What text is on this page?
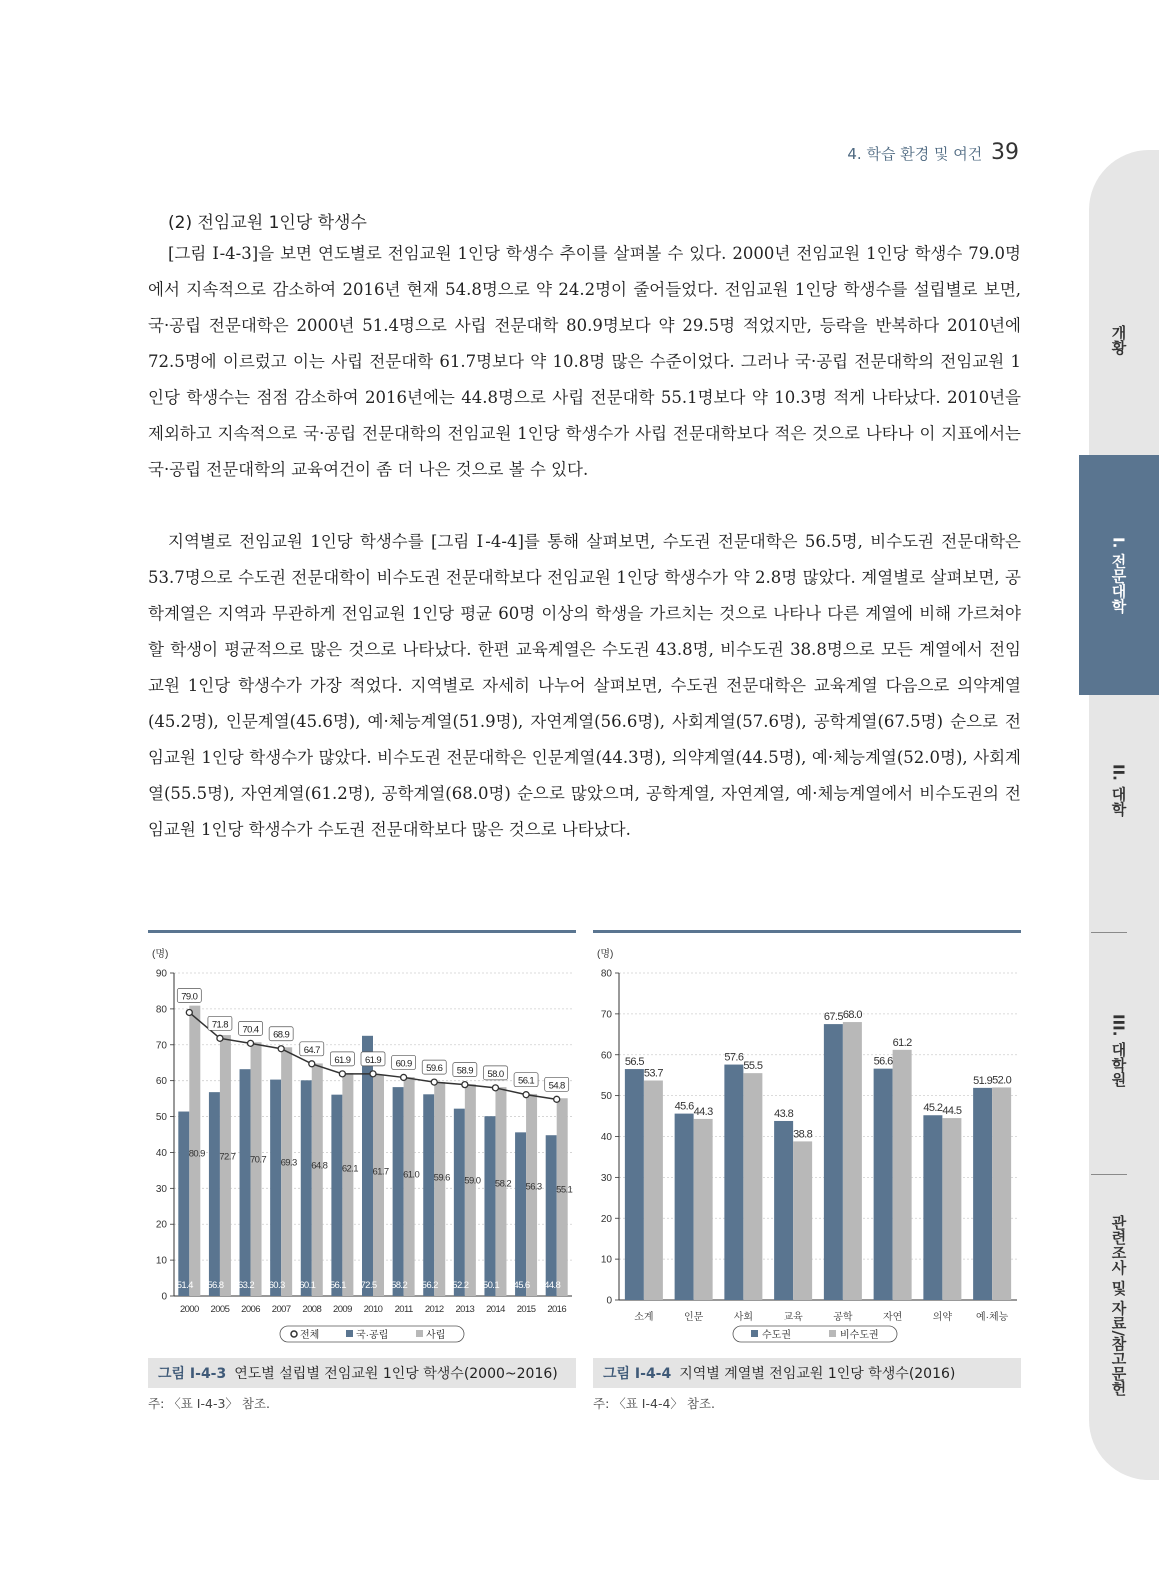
4. 학습 환경 및 여건 39
개황
I. 전문대학
II. 대학
III. 대학원
관련조사 및 자료/참고문헌
(2) 전임교원 1인당 학생수

[그림 Ⅰ-4-3]을 보면 연도별로 전임교원 1인당 학생수 추이를 살펴볼 수 있다. 2000년 전임교원 1인당 학생수 79.0명에서 지속적으로 감소하여 2016년 현재 54.8명으로 약 24.2명이 줄어들었다. 전임교원 1인당 학생수를 설립별로 보면, 국·공립 전문대학은 2000년 51.4명으로 사립 전문대학 80.9명보다 약 29.5명 적었지만, 등락을 반복하다 2010년에 72.5명에 이르렀고 이는 사립 전문대학 61.7명보다 약 10.8명 많은 수준이었다. 그러나 국·공립 전문대학의 전임교원 1인당 학생수는 점점 감소하여 2016년에는 44.8명으로 사립 전문대학 55.1명보다 약 10.3명 적게 나타났다. 2010년을 제외하고 지속적으로 국·공립 전문대학의 전임교원 1인당 학생수가 사립 전문대학보다 적은 것으로 나타나 이 지표에서는 국·공립 전문대학의 교육여건이 좀 더 나은 것으로 볼 수 있다.

지역별로 전임교원 1인당 학생수를 [그림 Ⅰ-4-4]를 통해 살펴보면, 수도권 전문대학은 56.5명, 비수도권 전문대학은 53.7명으로 수도권 전문대학이 비수도권 전문대학보다 전임교원 1인당 학생수가 약 2.8명 많았다. 계열별로 살펴보면, 공학계열은 지역과 무관하게 전임교원 1인당 평균 60명 이상의 학생을 가르치는 것으로 나타나 다른 계열에 비해 가르쳐야 할 학생이 평균적으로 많은 것으로 나타났다. 한편 교육계열은 수도권 43.8명, 비수도권 38.8명으로 모든 계열에서 전임교원 1인당 학생수가 가장 적었다. 지역별로 자세히 나누어 살펴보면, 수도권 전문대학은 교육계열 다음으로 의약계열(45.2명), 인문계열(45.6명), 예·체능계열(51.9명), 자연계열(56.6명), 사회계열(57.6명), 공학계열(67.5명) 순으로 전임교원 1인당 학생수가 많았다. 비수도권 전문대학은 인문계열(44.3명), 의약계열(44.5명), 예·체능계열(52.0명), 사회계열(55.5명), 자연계열(61.2명), 공학계열(68.0명) 순으로 많았으며, 공학계열, 자연계열, 예·체능계열에서 비수도권의 전임교원 1인당 학생수가 수도권 전문대학보다 많은 것으로 나타났다.

(명)
0
10
20
30
40
50
60
70
80
90
51.4
80.9
2000
56.8
72.7
2005
63.2
70.7
2006
60.3
69.3
2007
60.1
64.8
2008
56.1
62.1
2009
72.5
61.7
2010
58.2
61.0
2011
56.2
59.6
2012
52.2
59.0
2013
50.1
58.2
2014
45.6
56.3
2015
44.8
55.1
2016
79.0
71.8 70.4 68.9
64.7
61.9 61.9 60.9 59.6 58.9 58.0
56.1 54.8
전체	국·공립	사립
그림 Ⅰ-4-3 연도별 설립별 전임교원 1인당 학생수(2000~2016)
주: 〈표 Ⅰ-4-3〉 참조.
(명)
0
10
20
30
40
50
60
70
80
56.5
53.7
소계
45.6 44.3
인문
57.6
55.5
사회
43.8
38.8
교육
67.5 68.0
공학
56.6
61.2
자연
45.2 44.5
의약
51.9 52.0
예·체능
수도권	비수도권
그림 Ⅰ-4-4 지역별 계열별 전임교원 1인당 학생수(2016)
주: 〈표 Ⅰ-4-4〉 참조.
